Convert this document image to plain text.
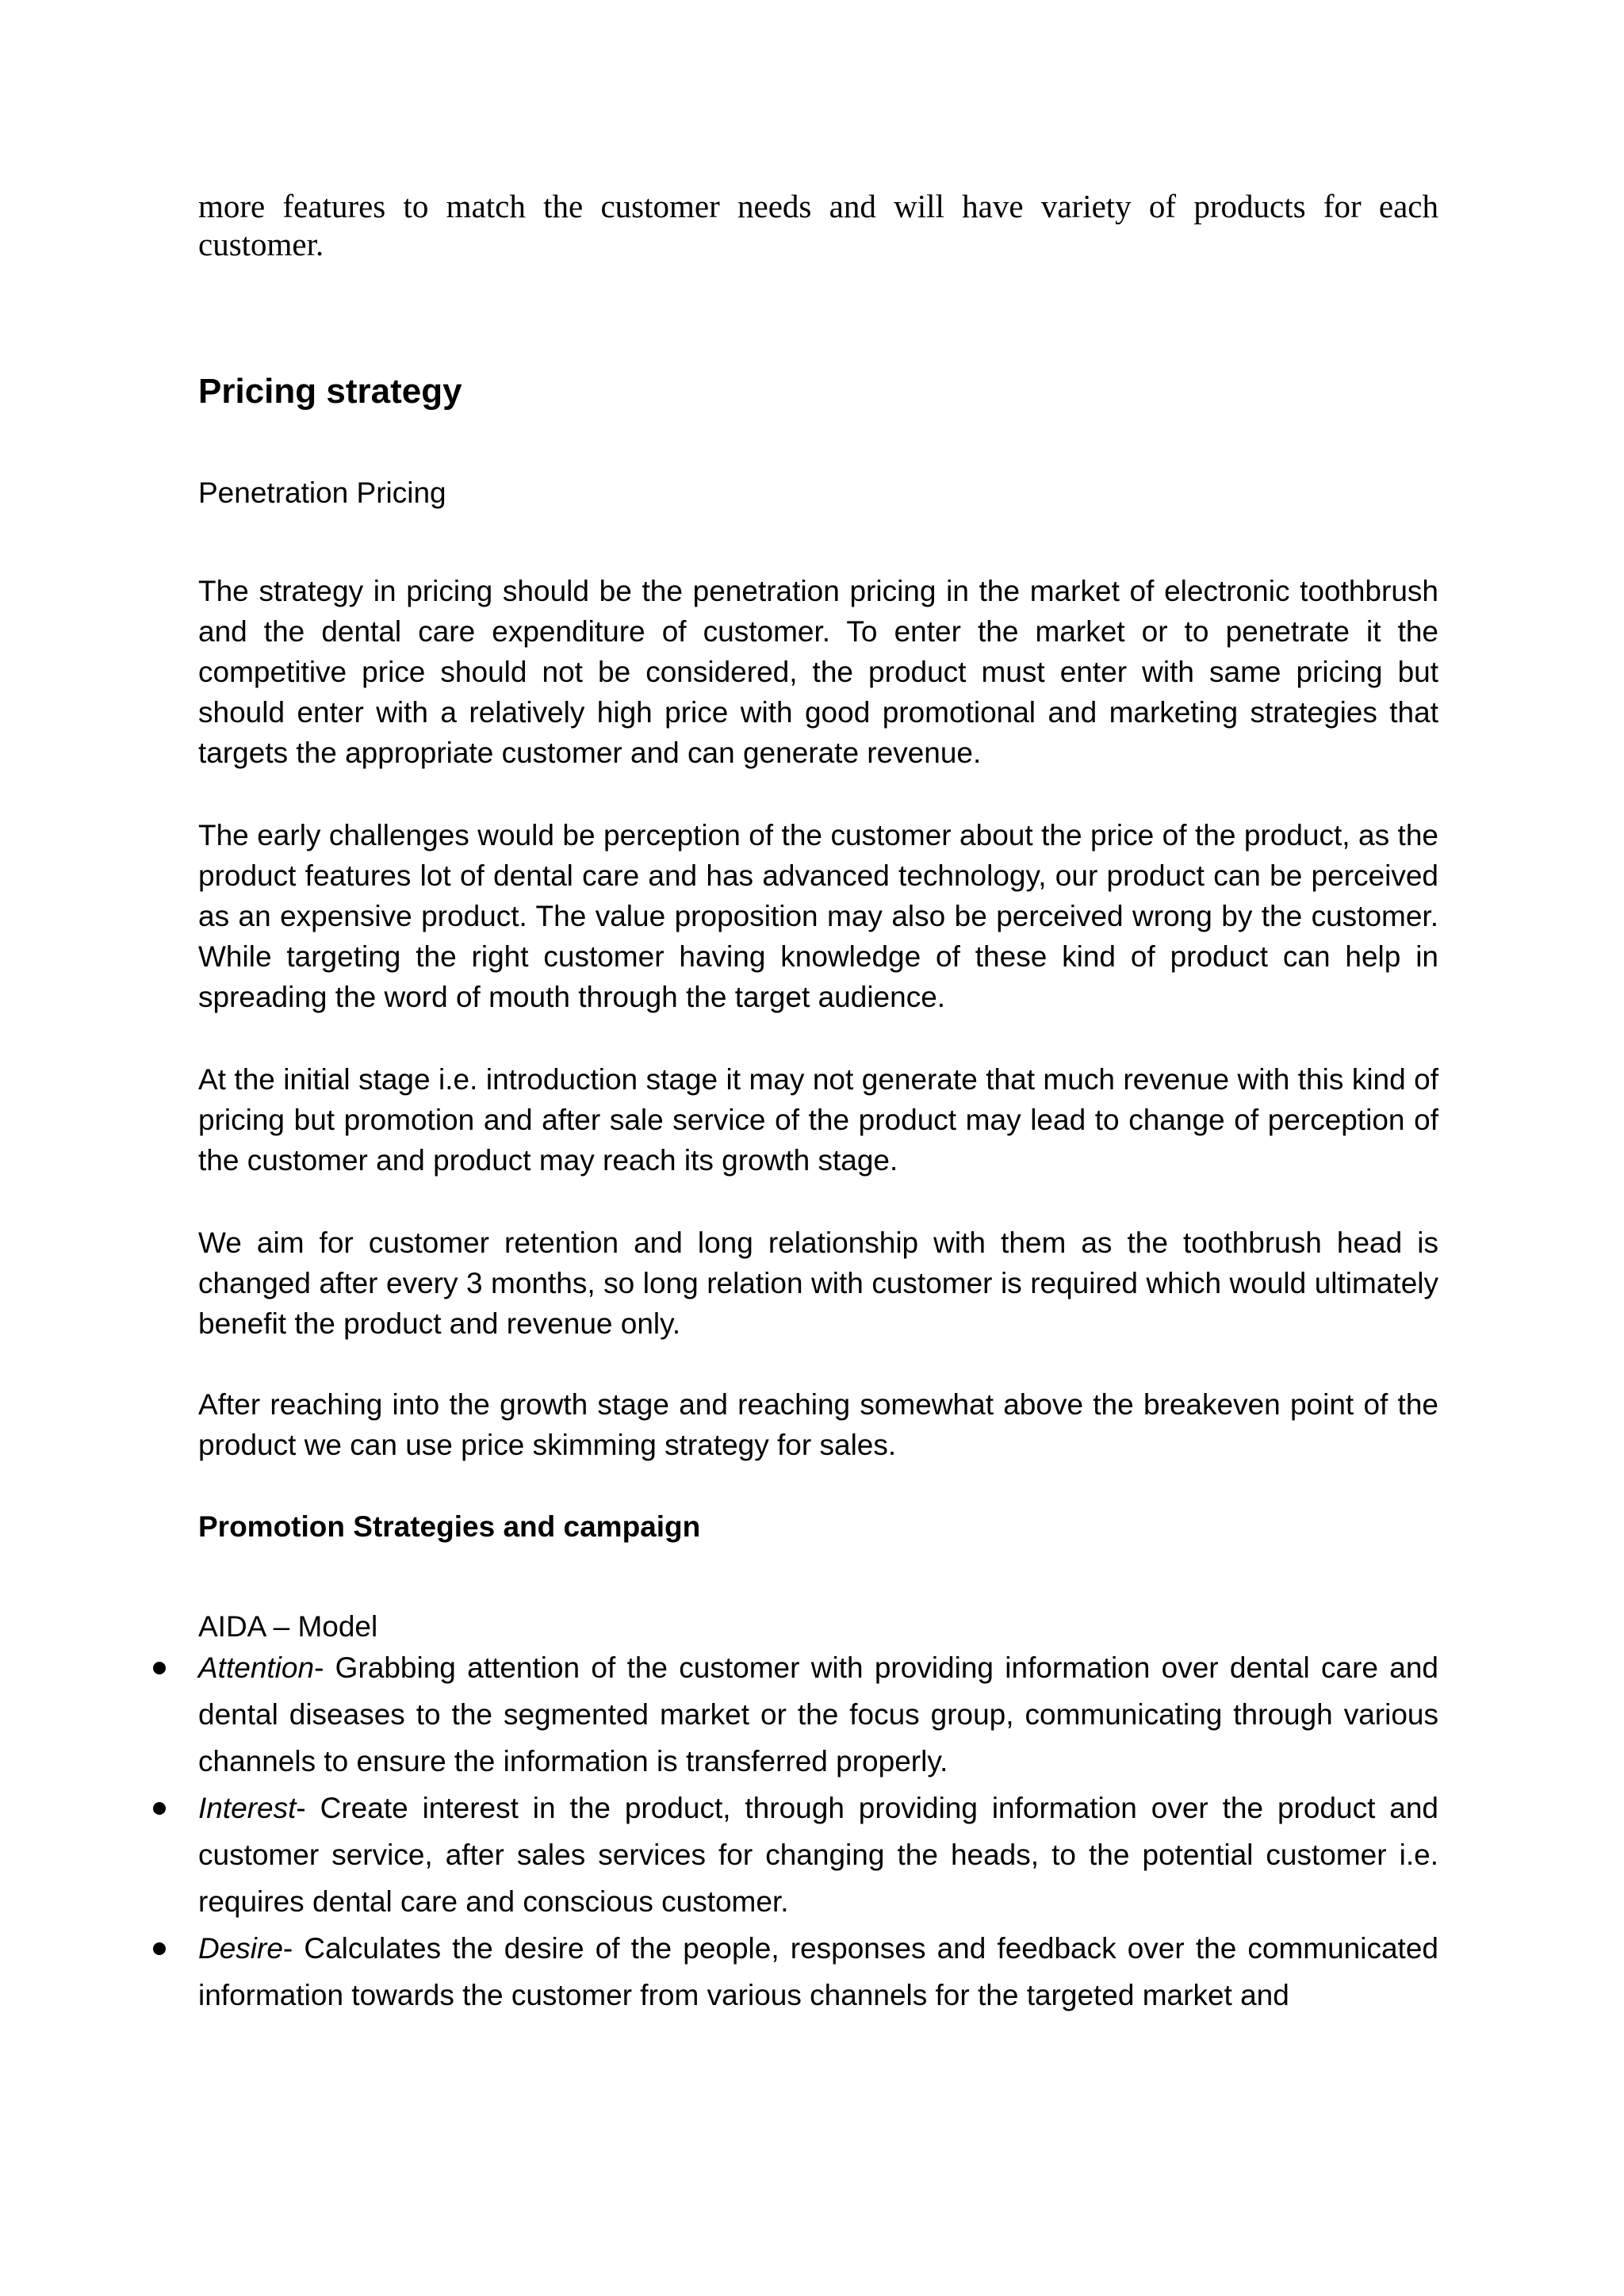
more features to match the customer needs and will have variety of products for each customer.

Pricing strategy

Penetration Pricing

The strategy in pricing should be the penetration pricing in the market of electronic toothbrush and the dental care expenditure of customer. To enter the market or to penetrate it the competitive price should not be considered, the product must enter with same pricing but should enter with a relatively high price with good promotional and marketing strategies that targets the appropriate customer and can generate revenue.

The early challenges would be perception of the customer about the price of the product, as the product features lot of dental care and has advanced technology, our product can be perceived as an expensive product. The value proposition may also be perceived wrong by the customer. While targeting the right customer having knowledge of these kind of product can help in spreading the word of mouth through the target audience.

At the initial stage i.e. introduction stage it may not generate that much revenue with this kind of pricing but promotion and after sale service of the product may lead to change of perception of the customer and product may reach its growth stage.

We aim for customer retention and long relationship with them as the toothbrush head is changed after every 3 months, so long relation with customer is required which would ultimately benefit the product and revenue only.

After reaching into the growth stage and reaching somewhat above the breakeven point of the product we can use price skimming strategy for sales.

Promotion Strategies and campaign

AIDA – Model

Attention- Grabbing attention of the customer with providing information over dental care and dental diseases to the segmented market or the focus group, communicating through various channels to ensure the information is transferred properly.
Interest- Create interest in the product, through providing information over the product and customer service, after sales services for changing the heads, to the potential customer i.e. requires dental care and conscious customer.
Desire- Calculates the desire of the people, responses and feedback over the communicated information towards the customer from various channels for the targeted market and
